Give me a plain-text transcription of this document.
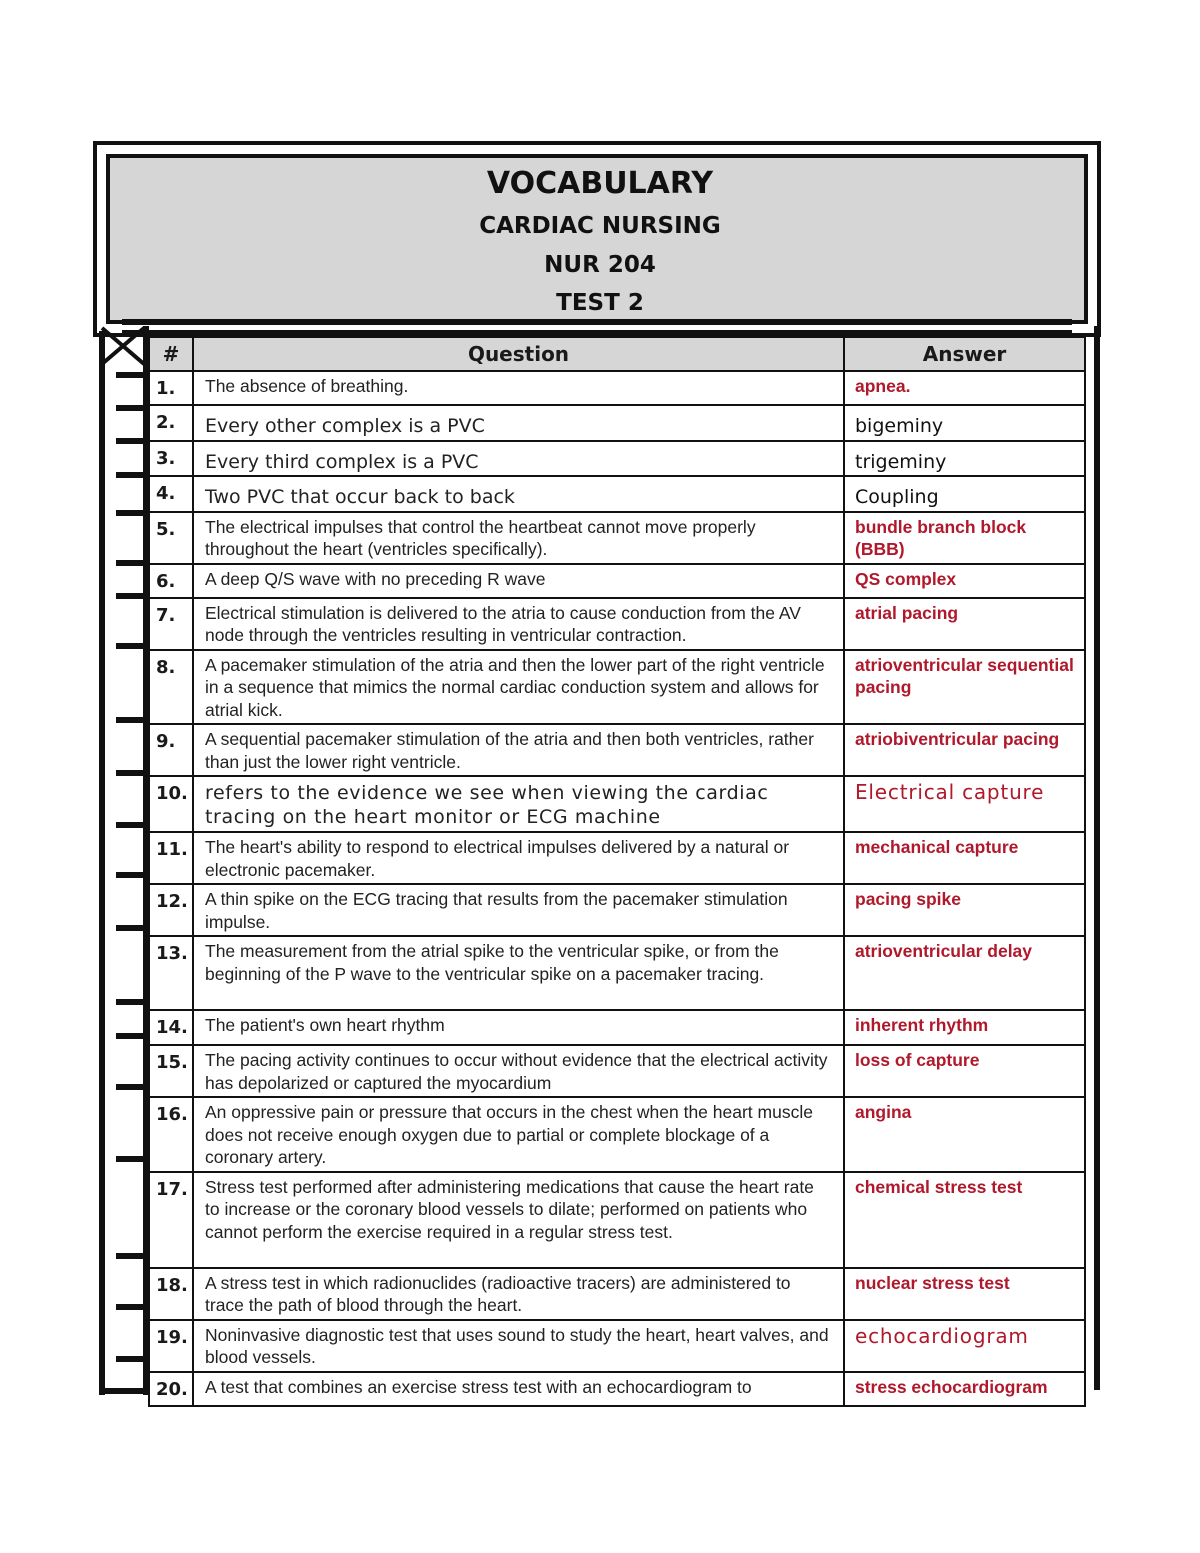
VOCABULARY
CARDIAC NURSING
NUR 204
TEST 2
#	Question	Answer
1.	The absence of breathing.	apnea.
2.	Every other complex is a PVC	bigeminy
3.	Every third complex is a PVC	trigeminy
4.	Two PVC that occur back to back	Coupling
5.	The electrical impulses that control the heartbeat cannot move properly throughout the heart (ventricles specifically).	bundle branch block (BBB)
6.	A deep Q/S wave with no preceding R wave	QS complex
7.	Electrical stimulation is delivered to the atria to cause conduction from the AV node through the ventricles resulting in ventricular contraction.	atrial pacing
8.	A pacemaker stimulation of the atria and then the lower part of the right ventricle in a sequence that mimics the normal cardiac conduction system and allows for atrial kick.	atrioventricular sequential pacing
9.	A sequential pacemaker stimulation of the atria and then both ventricles, rather than just the lower right ventricle.	atriobiventricular pacing
10.	refers to the evidence we see when viewing the cardiac tracing on the heart monitor or ECG machine	Electrical capture
11.	The heart's ability to respond to electrical impulses delivered by a natural or electronic pacemaker.	mechanical capture
12.	A thin spike on the ECG tracing that results from the pacemaker stimulation impulse.	pacing spike
13.	The measurement from the atrial spike to the ventricular spike, or from the beginning of the P wave to the ventricular spike on a pacemaker tracing.	atrioventricular delay
14.	The patient's own heart rhythm	inherent rhythm
15.	The pacing activity continues to occur without evidence that the electrical activity has depolarized or captured the myocardium	loss of capture
16.	An oppressive pain or pressure that occurs in the chest when the heart muscle does not receive enough oxygen due to partial or complete blockage of a coronary artery.	angina
17.	Stress test performed after administering medications that cause the heart rate to increase or the coronary blood vessels to dilate; performed on patients who cannot perform the exercise required in a regular stress test.	chemical stress test
18.	A stress test in which radionuclides (radioactive tracers) are administered to trace the path of blood through the heart.	nuclear stress test
19.	Noninvasive diagnostic test that uses sound to study the heart, heart valves, and blood vessels.	echocardiogram
20.	A test that combines an exercise stress test with an echocardiogram to	stress echocardiogram
